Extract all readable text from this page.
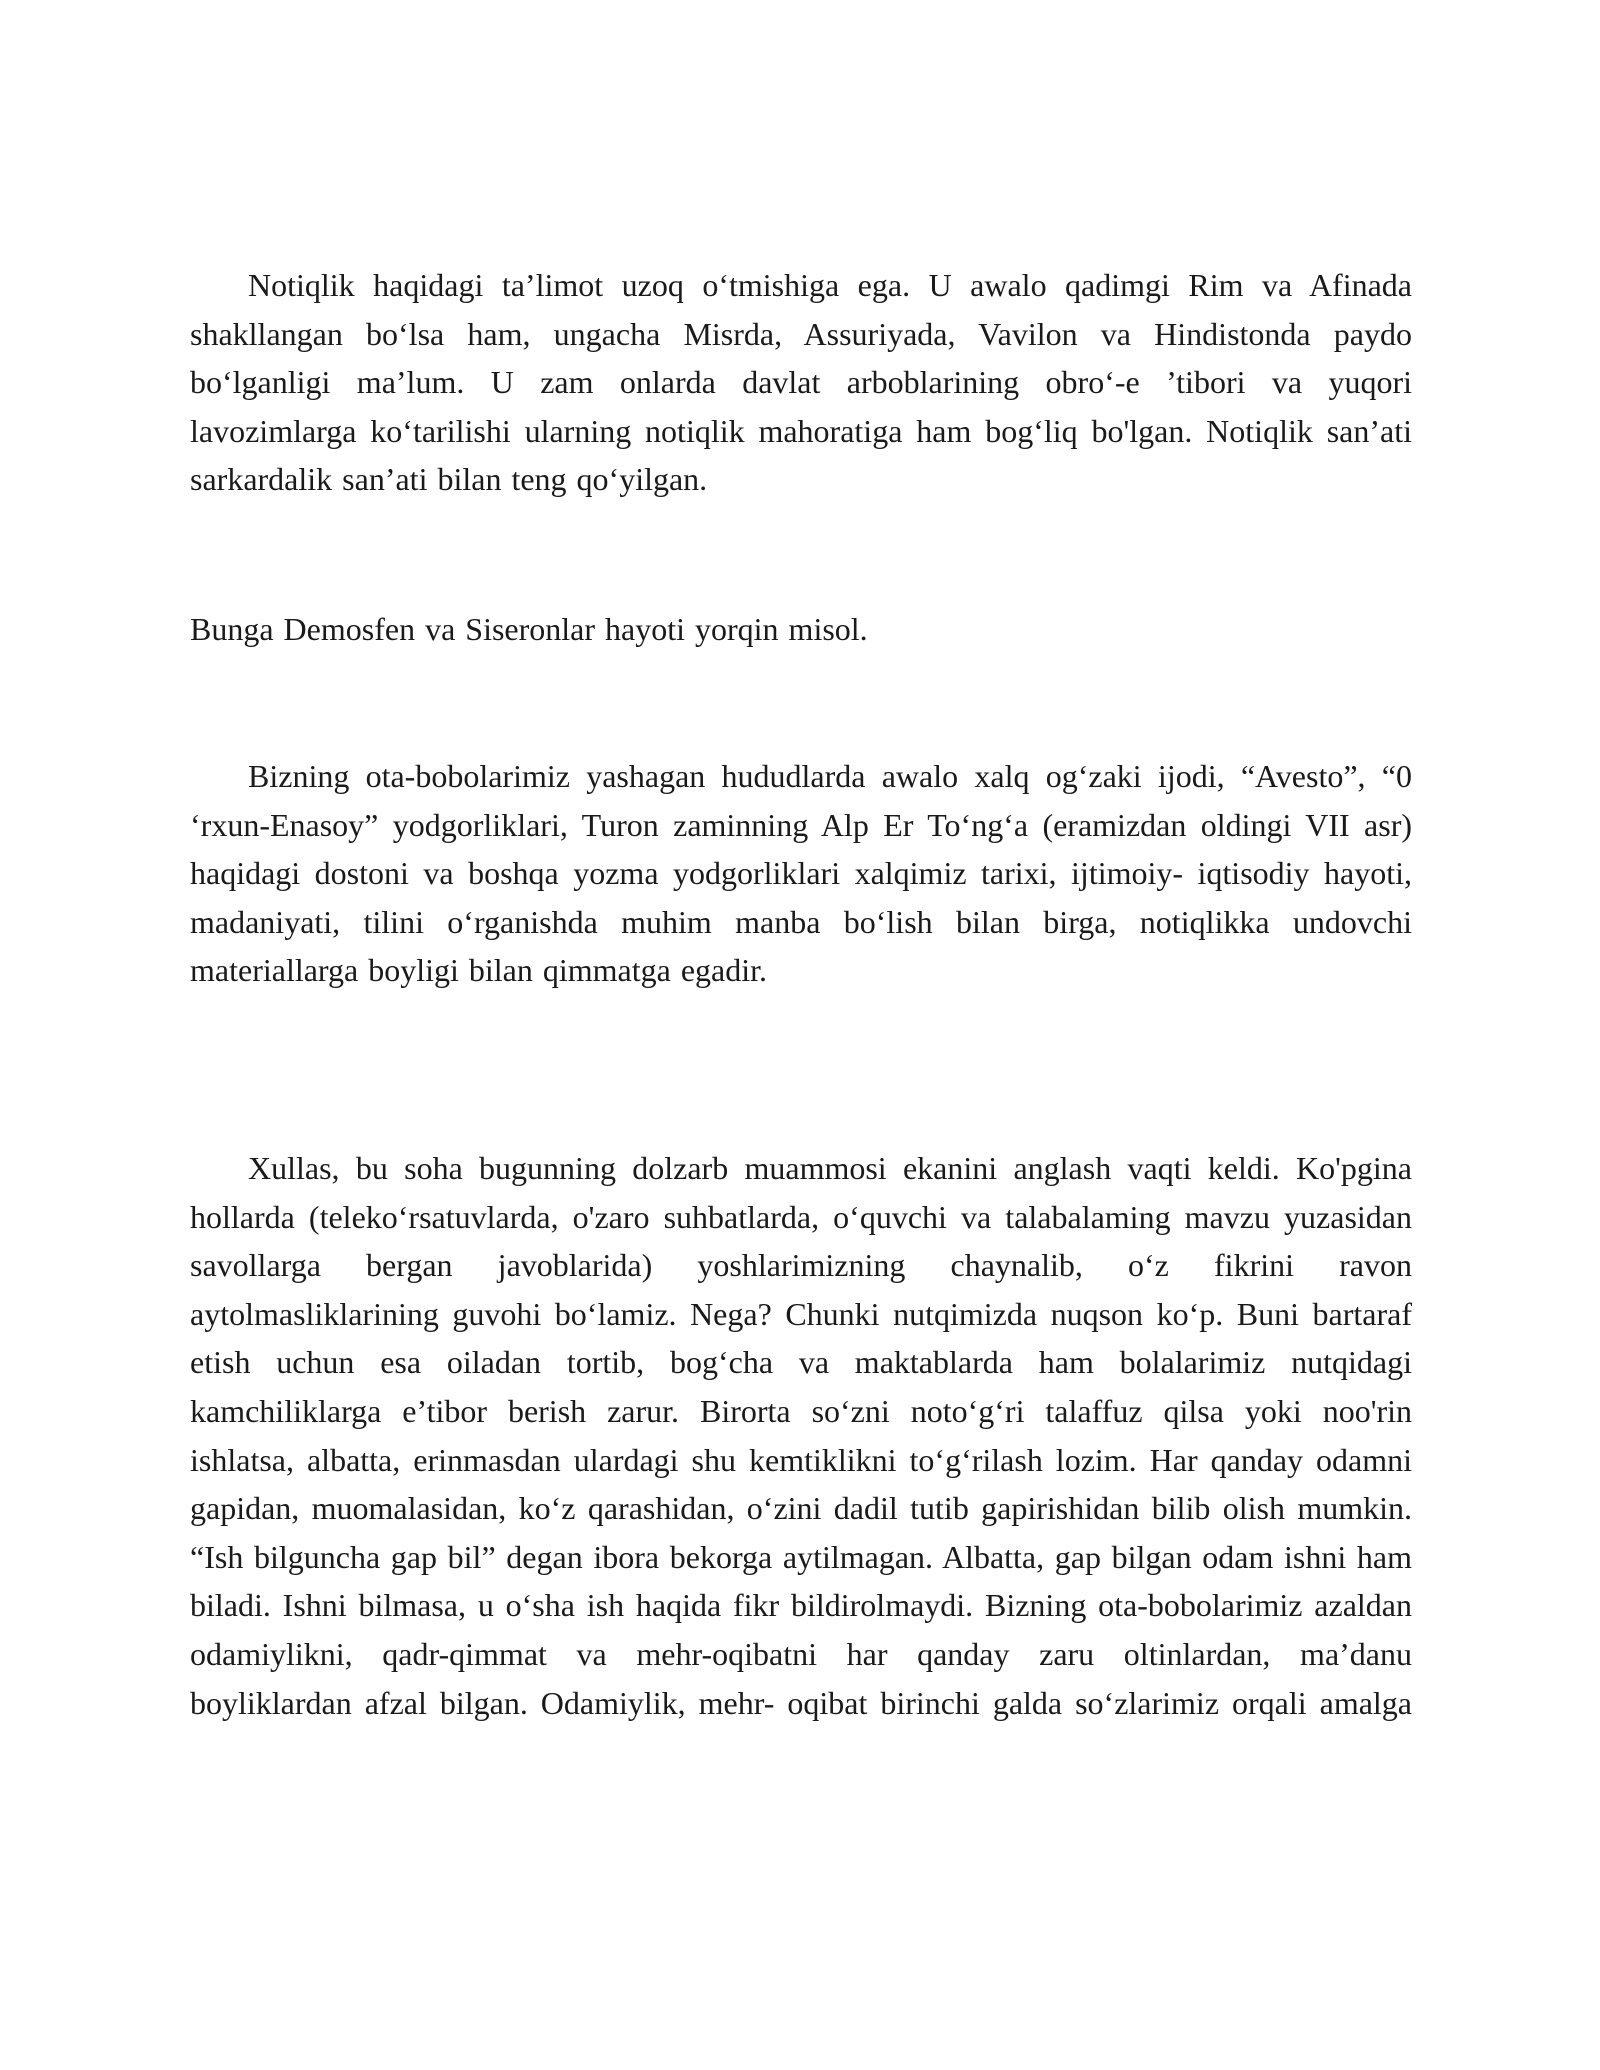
Notiqlik haqidagi ta’limot uzoq o‘tmishiga ega. U awalo qadimgi Rim va Afinada shakllangan bo‘lsa ham, ungacha Misrda, Assuriyada, Vavilon va Hindistonda paydo bo‘lganligi ma’lum. U zam onlarda davlat arboblarining obro‘-e ’tibori va yuqori lavozimlarga ko‘tarilishi ularning notiqlik mahoratiga ham bog‘liq bo'lgan. Notiqlik san’ati sarkardalik san’ati bilan teng qo‘yilgan.

Bunga Demosfen va Siseronlar hayoti yorqin misol.

Bizning ota-bobolarimiz yashagan hududlarda awalo xalq og‘zaki ijodi, “Avesto”, “0 ‘rxun-Enasoy” yodgorliklari, Turon zaminning Alp Er To‘ng‘a (eramizdan oldingi VII asr) haqidagi dostoni va boshqa yozma yodgorliklari xalqimiz tarixi, ijtimoiy- iqtisodiy hayoti, madaniyati, tilini o‘rganishda muhim manba bo‘lish bilan birga, notiqlikka undovchi materiallarga boyligi bilan qimmatga egadir.

Xullas, bu soha bugunning dolzarb muammosi ekanini anglash vaqti keldi. Ko'pgina hollarda (teleko‘rsatuvlarda, o'zaro suhbatlarda, o‘quvchi va talabalaming mavzu yuzasidan savollarga bergan javoblarida) yoshlarimizning chaynalib, o‘z fikrini ravon aytolmasliklarining guvohi bo‘lamiz. Nega? Chunki nutqimizda nuqson ko‘p. Buni bartaraf etish uchun esa oiladan tortib, bog‘cha va maktablarda ham bolalarimiz nutqidagi kamchiliklarga e’tibor berish zarur. Birorta so‘zni noto‘g‘ri talaffuz qilsa yoki noo'rin ishlatsa, albatta, erinmasdan ulardagi shu kemtiklikni to‘g‘rilash lozim. Har qanday odamni gapidan, muomalasidan, ko‘z qarashidan, o‘zini dadil tutib gapirishidan bilib olish mumkin. “Ish bilguncha gap bil” degan ibora bekorga aytilmagan. Albatta, gap bilgan odam ishni ham biladi. Ishni bilmasa, u o‘sha ish haqida fikr bildirolmaydi. Bizning ota-bobolarimiz azaldan odamiylikni, qadr-qimmat va mehr-oqibatni har qanday zaru oltinlardan, ma’danu boyliklardan afzal bilgan. Odamiylik, mehr- oqibat birinchi galda so‘zlarimiz orqali amalga
